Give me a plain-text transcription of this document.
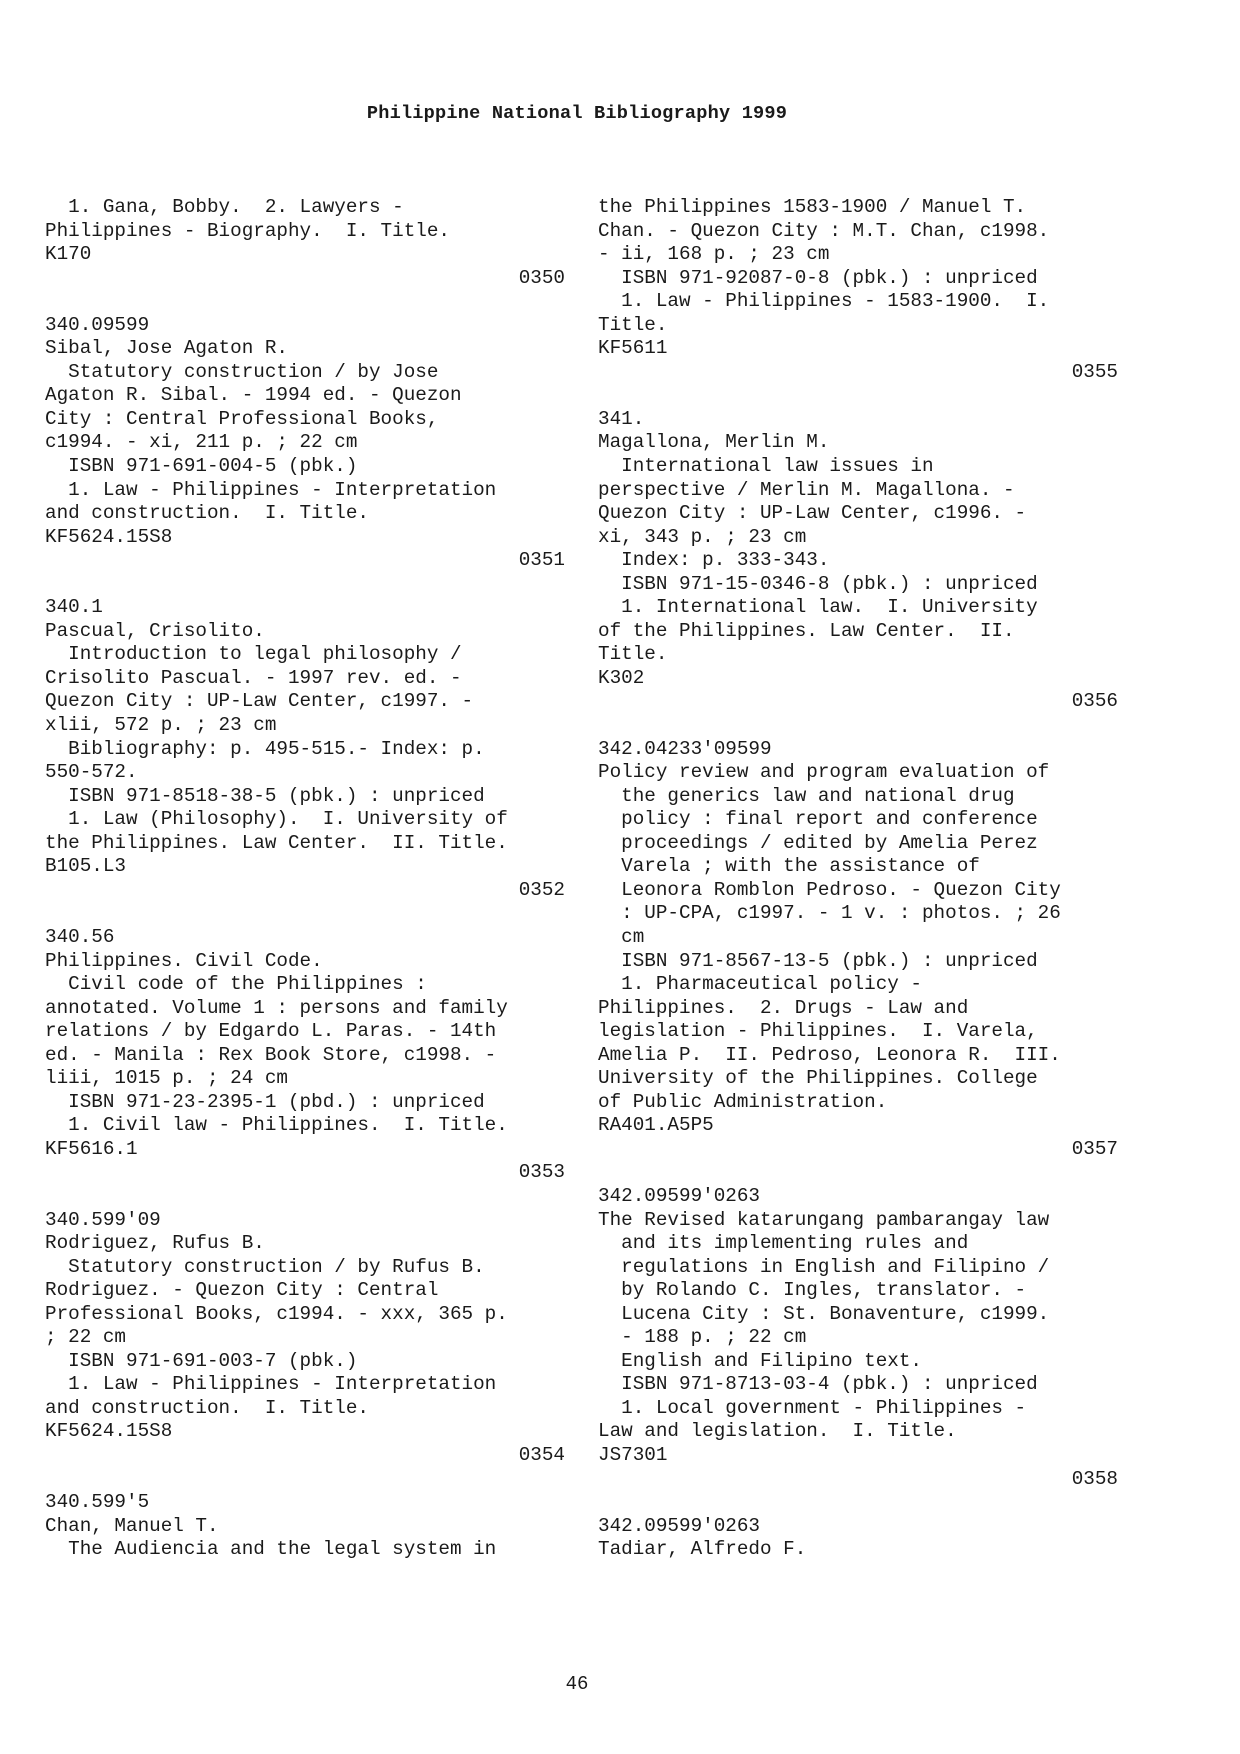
Philippine National Bibliography 1999
1. Gana, Bobby.  2. Lawyers -
Philippines - Biography.  I. Title.
K170
0350
340.09599
Sibal, Jose Agaton R.
Statutory construction / by Jose
Agaton R. Sibal. - 1994 ed. - Quezon
City : Central Professional Books,
c1994. - xi, 211 p. ; 22 cm
ISBN 971-691-004-5 (pbk.)
1. Law - Philippines - Interpretation
and construction.  I. Title.
KF5624.15S8
0351
340.1
Pascual, Crisolito.
Introduction to legal philosophy /
Crisolito Pascual. - 1997 rev. ed. -
Quezon City : UP-Law Center, c1997. -
xlii, 572 p. ; 23 cm
Bibliography: p. 495-515.- Index: p.
550-572.
ISBN 971-8518-38-5 (pbk.) : unpriced
1. Law (Philosophy).  I. University of
the Philippines. Law Center.  II. Title.
B105.L3
0352
340.56
Philippines. Civil Code.
Civil code of the Philippines :
annotated. Volume 1 : persons and family
relations / by Edgardo L. Paras. - 14th
ed. - Manila : Rex Book Store, c1998. -
liii, 1015 p. ; 24 cm
ISBN 971-23-2395-1 (pbd.) : unpriced
1. Civil law - Philippines.  I. Title.
KF5616.1
0353
340.599'09
Rodriguez, Rufus B.
Statutory construction / by Rufus B.
Rodriguez. - Quezon City : Central
Professional Books, c1994. - xxx, 365 p.
; 22 cm
ISBN 971-691-003-7 (pbk.)
1. Law - Philippines - Interpretation
and construction.  I. Title.
KF5624.15S8
0354
340.599'5
Chan, Manuel T.
The Audiencia and the legal system in
the Philippines 1583-1900 / Manuel T.
Chan. - Quezon City : M.T. Chan, c1998.
- ii, 168 p. ; 23 cm
ISBN 971-92087-0-8 (pbk.) : unpriced
1. Law - Philippines - 1583-1900.  I.
Title.
KF5611
0355
341.
Magallona, Merlin M.
International law issues in
perspective / Merlin M. Magallona. -
Quezon City : UP-Law Center, c1996. -
xi, 343 p. ; 23 cm
Index: p. 333-343.
ISBN 971-15-0346-8 (pbk.) : unpriced
1. International law.  I. University
of the Philippines. Law Center.  II.
Title.
K302
0356
342.04233'09599
Policy review and program evaluation of
the generics law and national drug
policy : final report and conference
proceedings / edited by Amelia Perez
Varela ; with the assistance of
Leonora Romblon Pedroso. - Quezon City
: UP-CPA, c1997. - 1 v. : photos. ; 26
cm
ISBN 971-8567-13-5 (pbk.) : unpriced
1. Pharmaceutical policy -
Philippines.  2. Drugs - Law and
legislation - Philippines.  I. Varela,
Amelia P.  II. Pedroso, Leonora R.  III.
University of the Philippines. College
of Public Administration.
RA401.A5P5
0357
342.09599'0263
The Revised katarungang pambarangay law
and its implementing rules and
regulations in English and Filipino /
by Rolando C. Ingles, translator. -
Lucena City : St. Bonaventure, c1999.
- 188 p. ; 22 cm
English and Filipino text.
ISBN 971-8713-03-4 (pbk.) : unpriced
1. Local government - Philippines -
Law and legislation.  I. Title.
JS7301
0358
342.09599'0263
Tadiar, Alfredo F.
46
